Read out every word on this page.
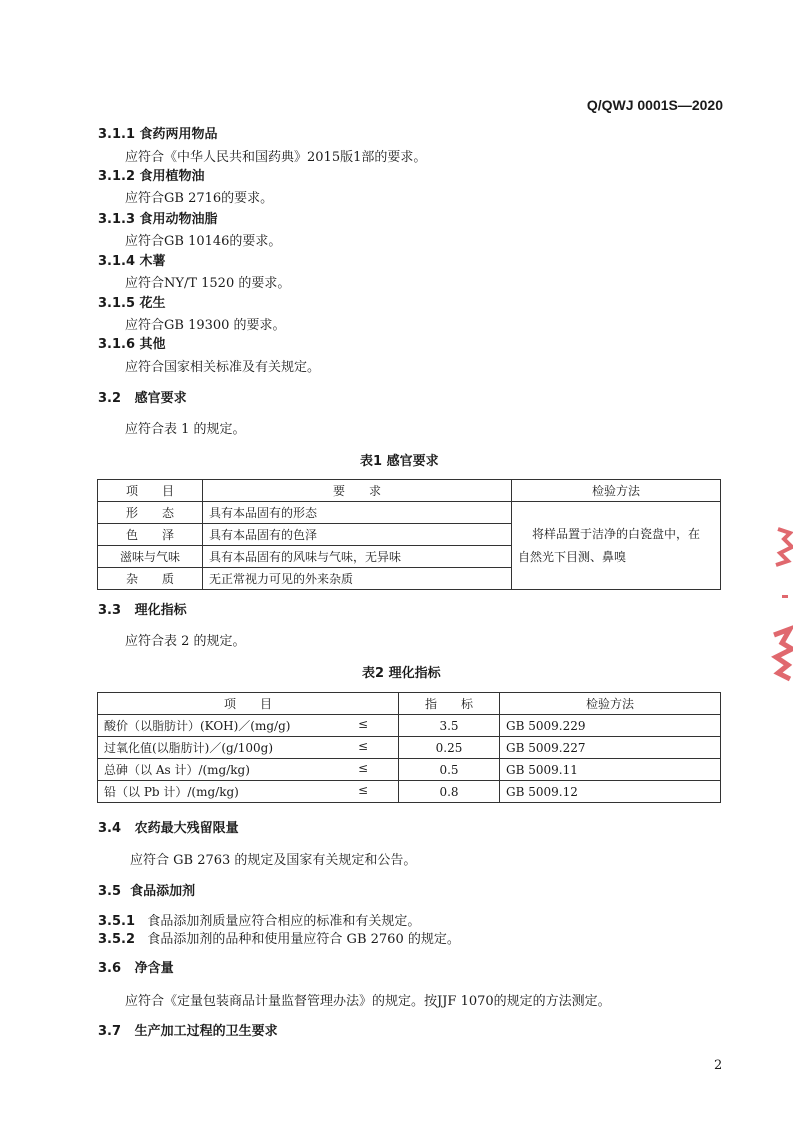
Q/QWJ 0001S—2020
3.1.1 食药两用物品
应符合《中华人民共和国药典》2015版1部的要求。
3.1.2 食用植物油
应符合GB 2716的要求。
3.1.3 食用动物油脂
应符合GB 10146的要求。
3.1.4 木薯
应符合NY/T 1520 的要求。
3.1.5 花生
应符合GB 19300 的要求。
3.1.6 其他
应符合国家相关标准及有关规定。
3.2 感官要求
应符合表 1 的规定。
表1 感官要求
项　　目	要　　求	检验方法
形　　态	具有本品固有的形态	将样品置于洁净的白瓷盘中，在
自然光下目测、鼻嗅

色　　泽	具有本品固有的色泽	
滋味与气味	具有本品固有的风味与气味，无异味	
杂　　质	无正常视力可见的外来杂质	
3.3 理化指标
应符合表 2 的规定。
表2 理化指标
项　　目	指　　标	检验方法
酸价（以脂肪计）(KOH)／(mg/g) ≤	3.5	GB 5009.229
过氧化值(以脂肪计)／(g/100g) ≤	0.25	GB 5009.227
总砷（以 As 计）/(mg/kg) ≤	0.5	GB 5009.11
铅（以 Pb 计）/(mg/kg) ≤	0.8	GB 5009.12
3.4 农药最大残留限量
应符合 GB 2763 的规定及国家有关规定和公告。
3.5 食品添加剂
3.5.1 食品添加剂质量应符合相应的标准和有关规定。
3.5.2 食品添加剂的品种和使用量应符合 GB 2760 的规定。
3.6 净含量
应符合《定量包装商品计量监督管理办法》的规定。按JJF 1070的规定的方法测定。
3.7 生产加工过程的卫生要求
2
